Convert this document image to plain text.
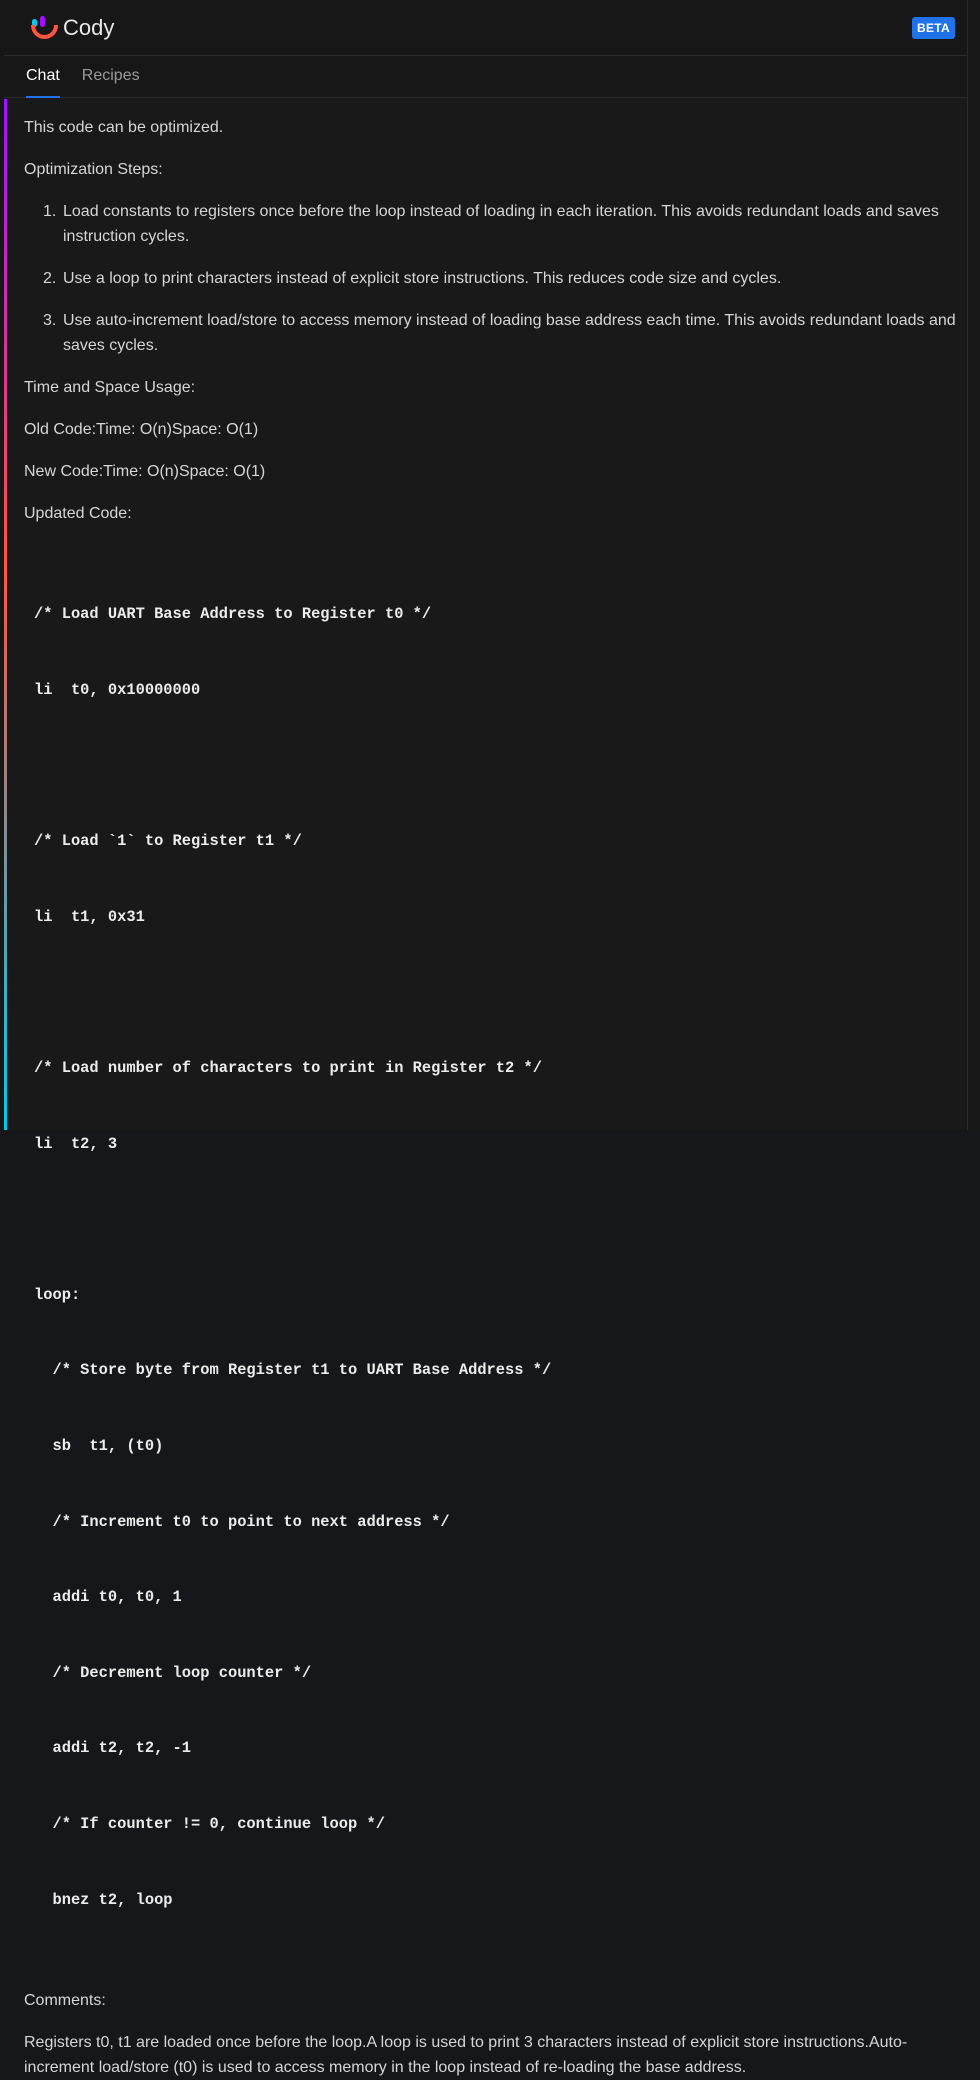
Cody	BETA
Chat Recipes

This code can be optimized.

Optimization Steps:

1. Load constants to registers once before the loop instead of loading in each iteration. This avoids redundant loads and saves instruction cycles.
2. Use a loop to print characters instead of explicit store instructions. This reduces code size and cycles.
3. Use auto-increment load/store to access memory instead of loading base address each time. This avoids redundant loads and saves cycles.

Time and Space Usage:

Old Code:Time: O(n)Space: O(1)

New Code:Time: O(n)Space: O(1)

Updated Code:

/* Load UART Base Address to Register t0 */

li  t0, 0x10000000

/* Load `1` to Register t1 */

li  t1, 0x31

/* Load number of characters to print in Register t2 */

li  t2, 3

loop:

/* Store byte from Register t1 to UART Base Address */

sb  t1, (t0)

/* Increment t0 to point to next address */

addi t0, t0, 1

/* Decrement loop counter */

addi t2, t2, -1

/* If counter != 0, continue loop */

bnez t2, loop

Comments:

Registers t0, t1 are loaded once before the loop.A loop is used to print 3 characters instead of explicit store instructions.Auto-increment load/store (t0) is used to access memory in the loop instead of re-loading the base address.
